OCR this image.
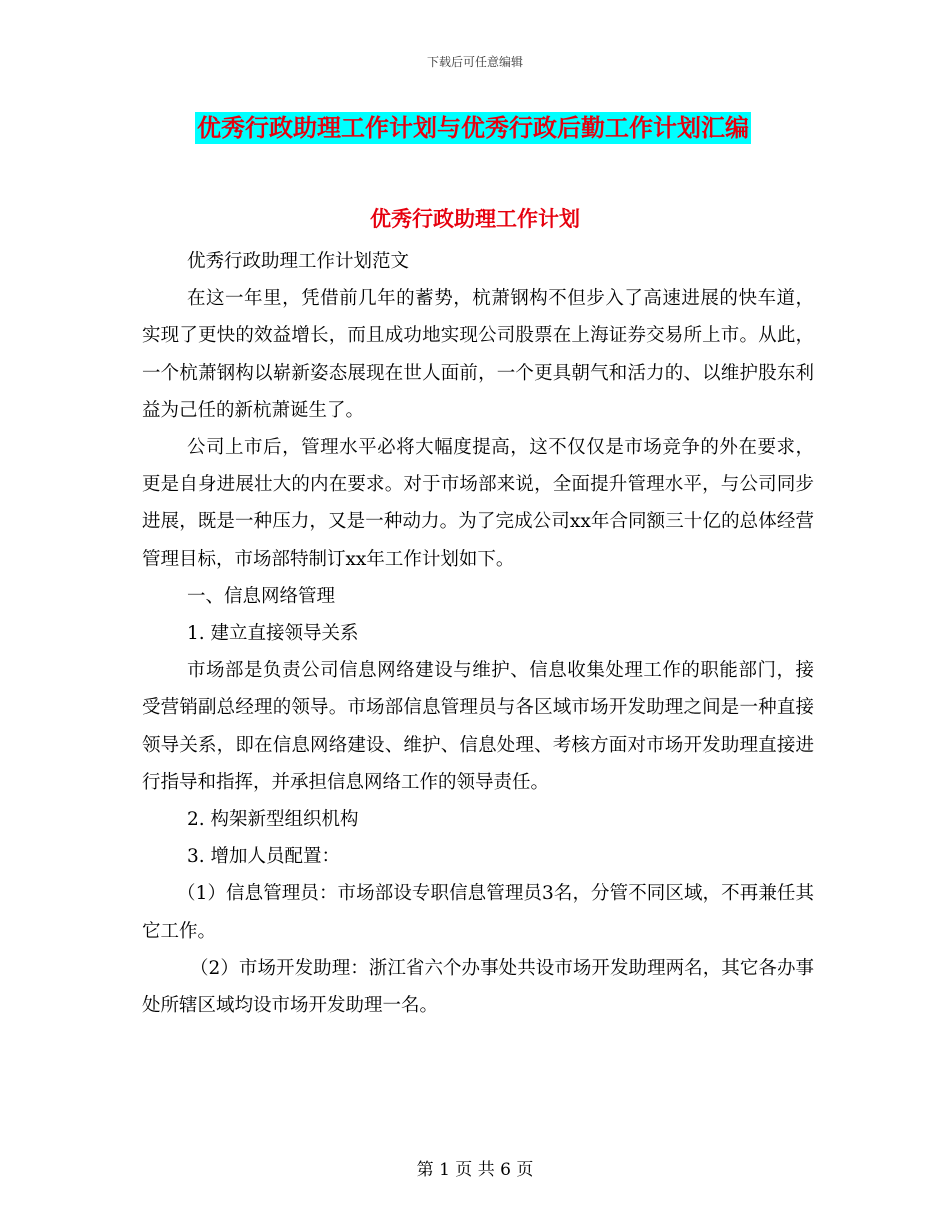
下载后可任意编辑
优秀行政助理工作计划与优秀行政后勤工作计划汇编
优秀行政助理工作计划

优秀行政助理工作计划范文

在这一年里，凭借前几年的蓄势，杭萧钢构不但步入了高速进展的快车道，实现了更快的效益增长，而且成功地实现公司股票在上海证券交易所上市。从此，一个杭萧钢构以崭新姿态展现在世人面前，一个更具朝气和活力的、以维护股东利益为己任的新杭萧诞生了。

公司上市后，管理水平必将大幅度提高，这不仅仅是市场竞争的外在要求，更是自身进展壮大的内在要求。对于市场部来说，全面提升管理水平，与公司同步进展，既是一种压力，又是一种动力。为了完成公司xx年合同额三十亿的总体经营管理目标，市场部特制订xx年工作计划如下。

一、信息网络管理

1. 建立直接领导关系

市场部是负责公司信息网络建设与维护、信息收集处理工作的职能部门，接受营销副总经理的领导。市场部信息管理员与各区域市场开发助理之间是一种直接领导关系，即在信息网络建设、维护、信息处理、考核方面对市场开发助理直接进行指导和指挥，并承担信息网络工作的领导责任。

2. 构架新型组织机构

3. 增加人员配置：

（1）信息管理员：市场部设专职信息管理员3名，分管不同区域，不再兼任其它工作。

（2）市场开发助理：浙江省六个办事处共设市场开发助理两名，其它各办事处所辖区域均设市场开发助理一名。

第 1 页 共 6 页
